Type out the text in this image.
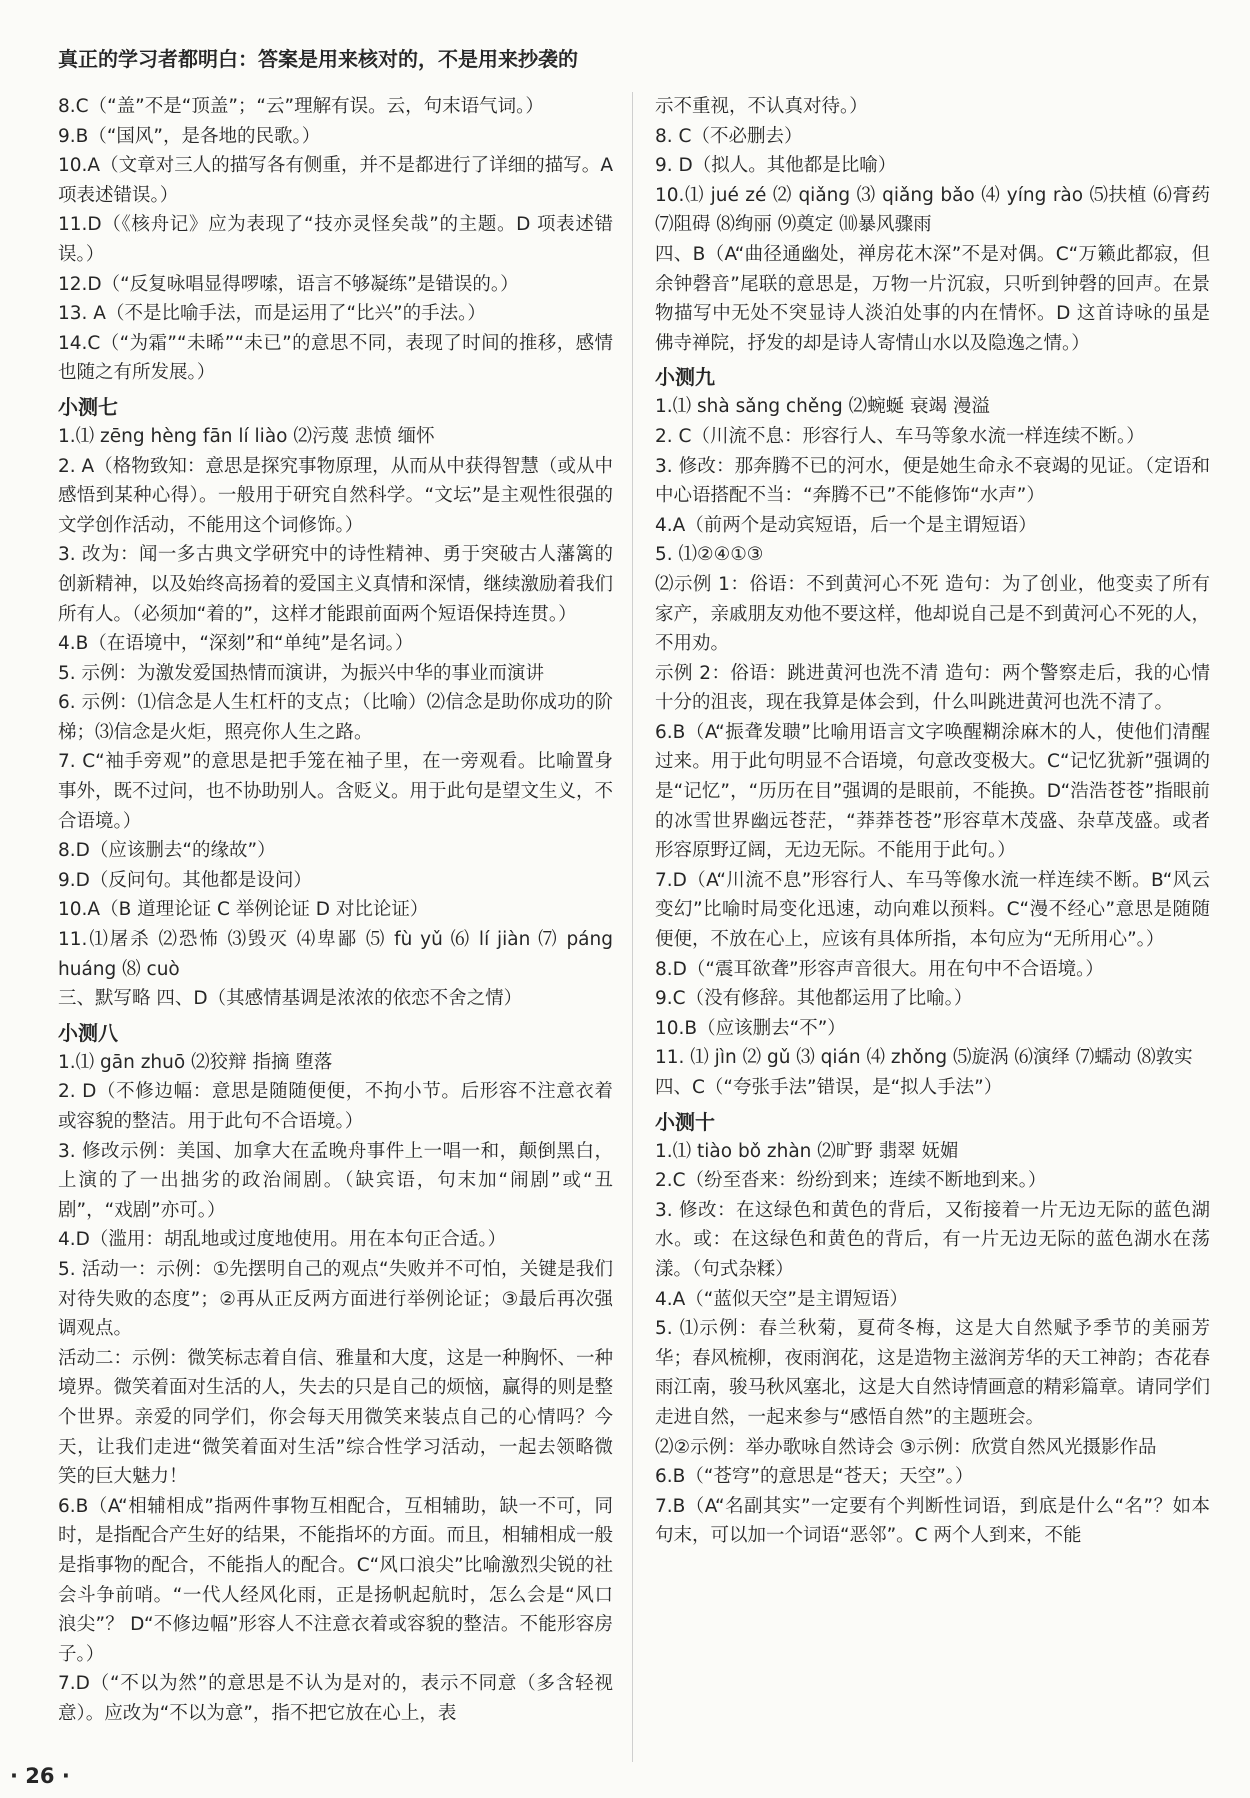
真正的学习者都明白：答案是用来核对的，不是用来抄袭的
8.C（“盖”不是“顶盖”；“云”理解有误。云，句末语气词。）
9.B（“国风”，是各地的民歌。）
10.A（文章对三人的描写各有侧重，并不是都进行了详细的描写。A 项表述错误。）
11.D（《核舟记》应为表现了“技亦灵怪矣哉”的主题。D 项表述错误。）
12.D（“反复咏唱显得啰嗦，语言不够凝练”是错误的。）
13. A（不是比喻手法，而是运用了“比兴”的手法。）
14.C（“为霜”“未晞”“未已”的意思不同，表现了时间的推移，感情也随之有所发展。）
小测七
1.⑴ zēng hèng fān lí liào ⑵污蔑 悲愤 缅怀
2. A（格物致知：意思是探究事物原理，从而从中获得智慧（或从中感悟到某种心得）。一般用于研究自然科学。“文坛”是主观性很强的文学创作活动，不能用这个词修饰。）
3. 改为：闻一多古典文学研究中的诗性精神、勇于突破古人藩篱的创新精神，以及始终高扬着的爱国主义真情和深情，继续激励着我们所有人。（必须加“着的”，这样才能跟前面两个短语保持连贯。）
4.B（在语境中，“深刻”和“单纯”是名词。）
5. 示例：为激发爱国热情而演讲，为振兴中华的事业而演讲
6. 示例：⑴信念是人生杠杆的支点；（比喻）⑵信念是助你成功的阶梯；⑶信念是火炬，照亮你人生之路。
7. C“袖手旁观”的意思是把手笼在袖子里，在一旁观看。比喻置身事外，既不过问，也不协助别人。含贬义。用于此句是望文生义，不合语境。）
8.D（应该删去“的缘故”）
9.D（反问句。其他都是设问）
10.A（B 道理论证 C 举例论证 D 对比论证）
11.⑴屠杀 ⑵恐怖 ⑶毁灭 ⑷卑鄙 ⑸ fù yǔ ⑹ lí jiàn ⑺ páng huáng ⑻ cuò
三、默写略 四、D（其感情基调是浓浓的依恋不舍之情）
小测八
1.⑴ gān zhuō ⑵狡辩 指摘 堕落
2. D（不修边幅：意思是随随便便，不拘小节。后形容不注意衣着或容貌的整洁。用于此句不合语境。）
3. 修改示例：美国、加拿大在孟晚舟事件上一唱一和，颠倒黑白，上演的了一出拙劣的政治闹剧。（缺宾语，句末加“闹剧”或“丑剧”，“戏剧”亦可。）
4.D（滥用：胡乱地或过度地使用。用在本句正合适。）
5. 活动一：示例：①先摆明自己的观点“失败并不可怕，关键是我们对待失败的态度”；②再从正反两方面进行举例论证；③最后再次强调观点。
活动二：示例：微笑标志着自信、雅量和大度，这是一种胸怀、一种境界。微笑着面对生活的人，失去的只是自己的烦恼，赢得的则是整个世界。亲爱的同学们，你会每天用微笑来装点自己的心情吗？今天，让我们走进“微笑着面对生活”综合性学习活动，一起去领略微笑的巨大魅力！
6.B（A“相辅相成”指两件事物互相配合，互相辅助，缺一不可，同时，是指配合产生好的结果，不能指坏的方面。而且，相辅相成一般是指事物的配合，不能指人的配合。C“风口浪尖”比喻激烈尖锐的社会斗争前哨。“一代人经风化雨，正是扬帆起航时，怎么会是“风口浪尖”？ D“不修边幅”形容人不注意衣着或容貌的整洁。不能形容房子。）
7.D（“不以为然”的意思是不认为是对的，表示不同意（多含轻视意）。应改为“不以为意”，指不把它放在心上，表
示不重视，不认真对待。）
8. C（不必删去）
9. D（拟人。其他都是比喻）
10.⑴ jué zé ⑵ qiǎng ⑶ qiǎng bǎo ⑷ yíng rào ⑸扶植 ⑹膏药 ⑺阻碍 ⑻绚丽 ⑼奠定 ⑽暴风骤雨
四、B（A“曲径通幽处，禅房花木深”不是对偶。C“万籁此都寂，但余钟磬音”尾联的意思是，万物一片沉寂，只听到钟磬的回声。在景物描写中无处不突显诗人淡泊处事的内在情怀。D 这首诗咏的虽是佛寺禅院，抒发的却是诗人寄情山水以及隐逸之情。）
小测九
1.⑴ shà sǎng chěng ⑵蜿蜒 衰竭 漫溢
2. C（川流不息：形容行人、车马等象水流一样连续不断。）
3. 修改：那奔腾不已的河水，便是她生命永不衰竭的见证。（定语和中心语搭配不当：“奔腾不已”不能修饰“水声”）
4.A（前两个是动宾短语，后一个是主谓短语）
5. ⑴②④①③
⑵示例 1：俗语：不到黄河心不死 造句：为了创业，他变卖了所有家产，亲戚朋友劝他不要这样，他却说自己是不到黄河心不死的人，不用劝。
示例 2：俗语：跳进黄河也洗不清 造句：两个警察走后，我的心情十分的沮丧，现在我算是体会到，什么叫跳进黄河也洗不清了。
6.B（A“振聋发聩”比喻用语言文字唤醒糊涂麻木的人，使他们清醒过来。用于此句明显不合语境，句意改变极大。C“记忆犹新”强调的是“记忆”，“历历在目”强调的是眼前，不能换。D“浩浩苍苍”指眼前的冰雪世界幽远苍茫，“莽莽苍苍”形容草木茂盛、杂草茂盛。或者形容原野辽阔，无边无际。不能用于此句。）
7.D（A“川流不息”形容行人、车马等像水流一样连续不断。B“风云变幻”比喻时局变化迅速，动向难以预料。C“漫不经心”意思是随随便便，不放在心上，应该有具体所指，本句应为“无所用心”。）
8.D（“震耳欲聋”形容声音很大。用在句中不合语境。）
9.C（没有修辞。其他都运用了比喻。）
10.B（应该删去“不”）
11. ⑴ jìn ⑵ gǔ ⑶ qián ⑷ zhǒng ⑸旋涡 ⑹演绎 ⑺蠕动 ⑻敦实
四、C（“夸张手法”错误，是“拟人手法”）
小测十
1.⑴ tiào bǒ zhàn ⑵旷野 翡翠 妩媚
2.C（纷至沓来：纷纷到来；连续不断地到来。）
3. 修改：在这绿色和黄色的背后，又衔接着一片无边无际的蓝色湖水。或：在这绿色和黄色的背后，有一片无边无际的蓝色湖水在荡漾。（句式杂糅）
4.A（“蓝似天空”是主谓短语）
5. ⑴示例：春兰秋菊，夏荷冬梅，这是大自然赋予季节的美丽芳华；春风梳柳，夜雨润花，这是造物主滋润芳华的天工神韵；杏花春雨江南，骏马秋风塞北，这是大自然诗情画意的精彩篇章。请同学们走进自然，一起来参与“感悟自然”的主题班会。
⑵②示例：举办歌咏自然诗会 ③示例：欣赏自然风光摄影作品
6.B（“苍穹”的意思是“苍天；天空”。）
7.B（A“名副其实”一定要有个判断性词语，到底是什么“名”？如本句末，可以加一个词语“恶邻”。C 两个人到来，不能
· 26 ·
